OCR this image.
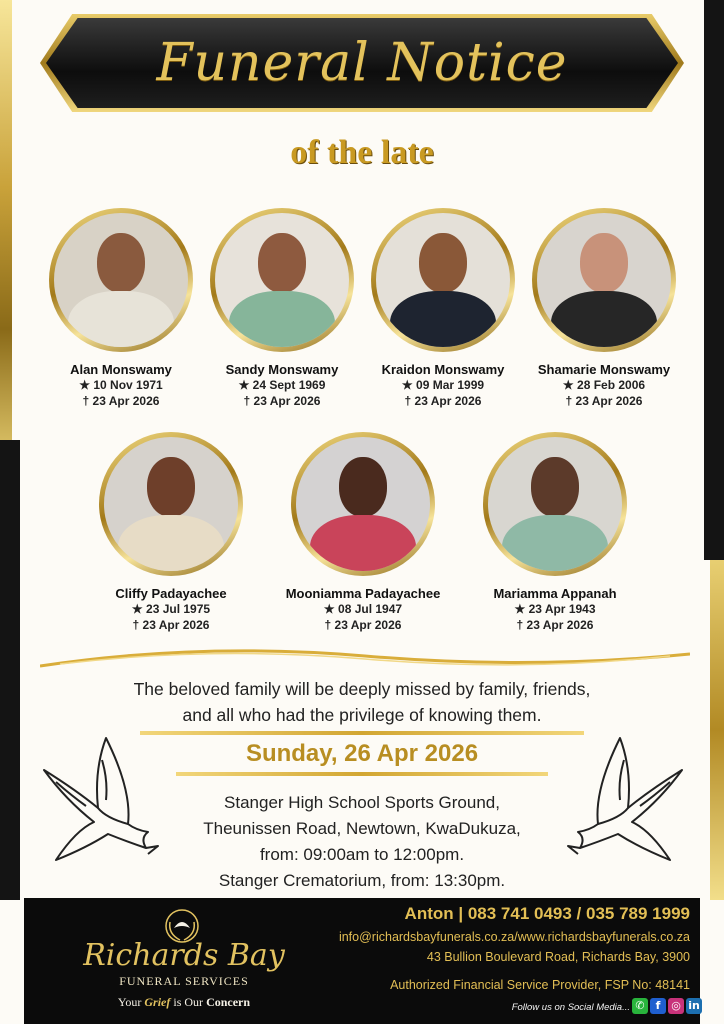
Funeral Notice
of the late
Alan Monswamy
★ 10 Nov 1971
† 23 Apr 2026
Sandy Monswamy
★ 24 Sept 1969
† 23 Apr 2026
Kraidon Monswamy
★ 09 Mar 1999
† 23 Apr 2026
Shamarie Monswamy
★ 28 Feb 2006
† 23 Apr 2026
Cliffy Padayachee
★ 23 Jul 1975
† 23 Apr 2026
Mooniamma Padayachee
★ 08 Jul 1947
† 23 Apr 2026
Mariamma Appanah
★ 23 Apr 1943
† 23 Apr 2026
The beloved family will be deeply missed by family, friends,
and all who had the privilege of knowing them.
Sunday, 26 Apr 2026
Stanger High School Sports Ground,
Theunissen Road, Newtown, KwaDukuza,
from: 09:00am to 12:00pm.
Stanger Crematorium, from: 13:30pm.
Richards Bay
FUNERAL SERVICES
Your Grief is Our Concern
Anton | 083 741 0493 / 035 789 1999
info@richardsbayfunerals.co.za/www.richardsbayfunerals.co.za
43 Bullion Boulevard Road, Richards Bay, 3900
Authorized Financial Service Provider, FSP No: 48141
Follow us on Social Media... ✆ f ◎ in
